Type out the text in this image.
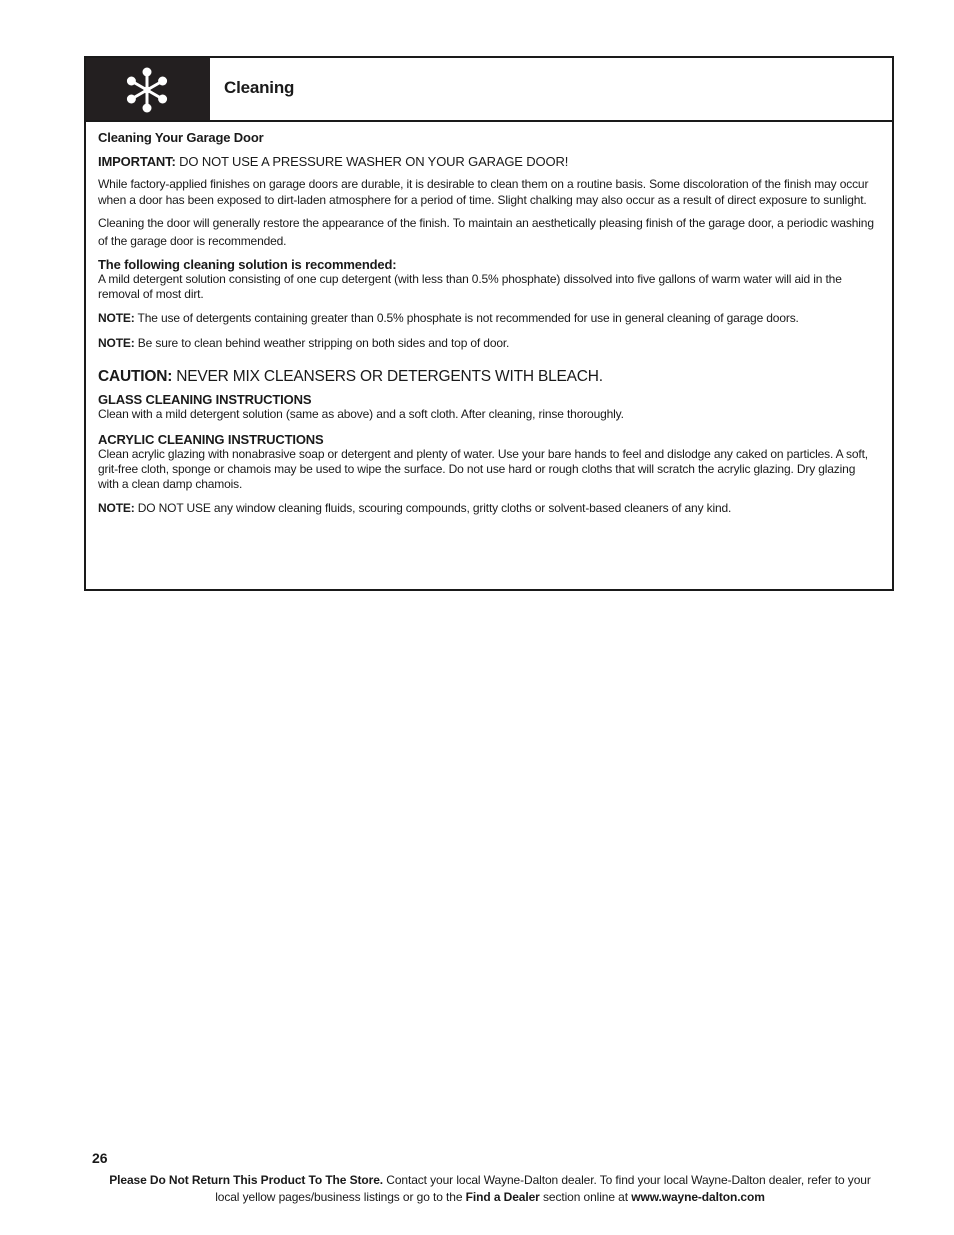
Cleaning

Cleaning Your Garage Door

IMPORTANT: DO NOT USE A PRESSURE WASHER ON YOUR GARAGE DOOR!

While factory-applied finishes on garage doors are durable, it is desirable to clean them on a routine basis. Some discoloration of the finish may occur when a door has been exposed to dirt-laden atmosphere for a period of time. Slight chalking may also occur as a result of direct exposure to sunlight.

Cleaning the door will generally restore the appearance of the finish. To maintain an aesthetically pleasing finish of the garage door, a periodic washing of the garage door is recommended.

The following cleaning solution is recommended:

A mild detergent solution consisting of one cup detergent (with less than 0.5% phosphate) dissolved into five gallons of warm water will aid in the removal of most dirt.

NOTE: The use of detergents containing greater than 0.5% phosphate is not recommended for use in general cleaning of garage doors.

NOTE: Be sure to clean behind weather stripping on both sides and top of door.

CAUTION: NEVER MIX CLEANSERS OR DETERGENTS WITH BLEACH.

GLASS CLEANING INSTRUCTIONS

Clean with a mild detergent solution (same as above) and a soft cloth. After cleaning, rinse thoroughly.

ACRYLIC CLEANING INSTRUCTIONS

Clean acrylic glazing with nonabrasive soap or detergent and plenty of water. Use your bare hands to feel and dislodge any caked on particles. A soft, grit-free cloth, sponge or chamois may be used to wipe the surface. Do not use hard or rough cloths that will scratch the acrylic glazing. Dry glazing with a clean damp chamois.

NOTE: DO NOT USE any window cleaning fluids, scouring compounds, gritty cloths or solvent-based cleaners of any kind.

26
Please Do Not Return This Product To The Store. Contact your local Wayne-Dalton dealer. To find your local Wayne-Dalton dealer, refer to your local yellow pages/business listings or go to the Find a Dealer section online at www.wayne-dalton.com
